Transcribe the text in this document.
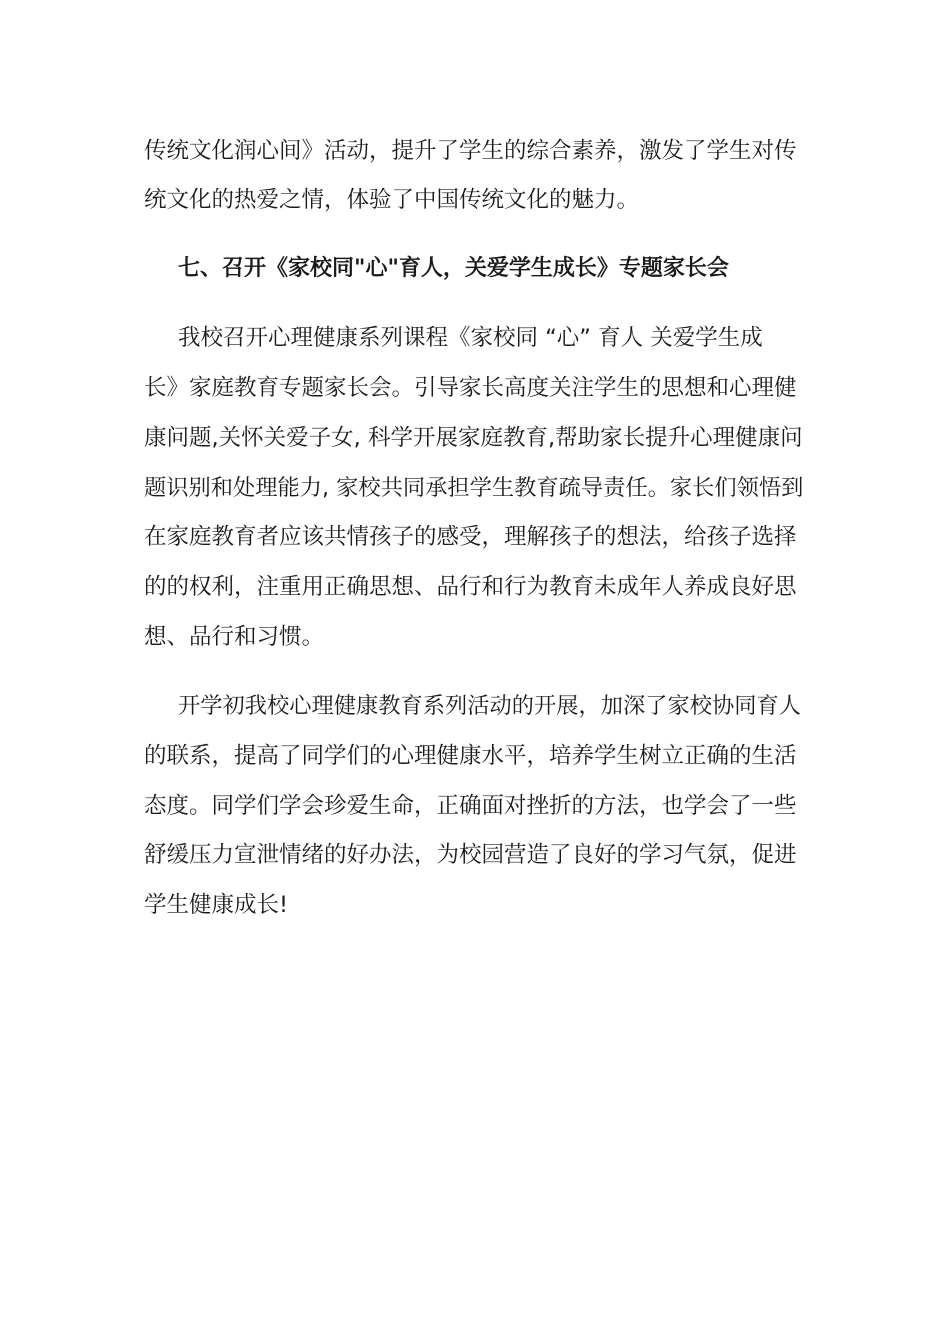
传统文化润心间》活动，提升了学生的综合素养，激发了学生对传
统文化的热爱之情，体验了中国传统文化的魅力。
七、召开《家校同"心"育人，关爱学生成长》专题家长会
我校召开心理健康系列课程《家校同 “心” 育人 关爱学生成
长》家庭教育专题家长会。引导家长高度关注学生的思想和心理健
康问题,关怀关爱子女, 科学开展家庭教育,帮助家长提升心理健康问
题识别和处理能力, 家校共同承担学生教育疏导责任。家长们领悟到
在家庭教育者应该共情孩子的感受，理解孩子的想法，给孩子选择
的的权利，注重用正确思想、品行和行为教育未成年人养成良好思
想、品行和习惯。
开学初我校心理健康教育系列活动的开展，加深了家校协同育人
的联系，提高了同学们的心理健康水平，培养学生树立正确的生活
态度。同学们学会珍爱生命，正确面对挫折的方法，也学会了一些
舒缓压力宣泄情绪的好办法，为校园营造了良好的学习气氛，促进
学生健康成长!
